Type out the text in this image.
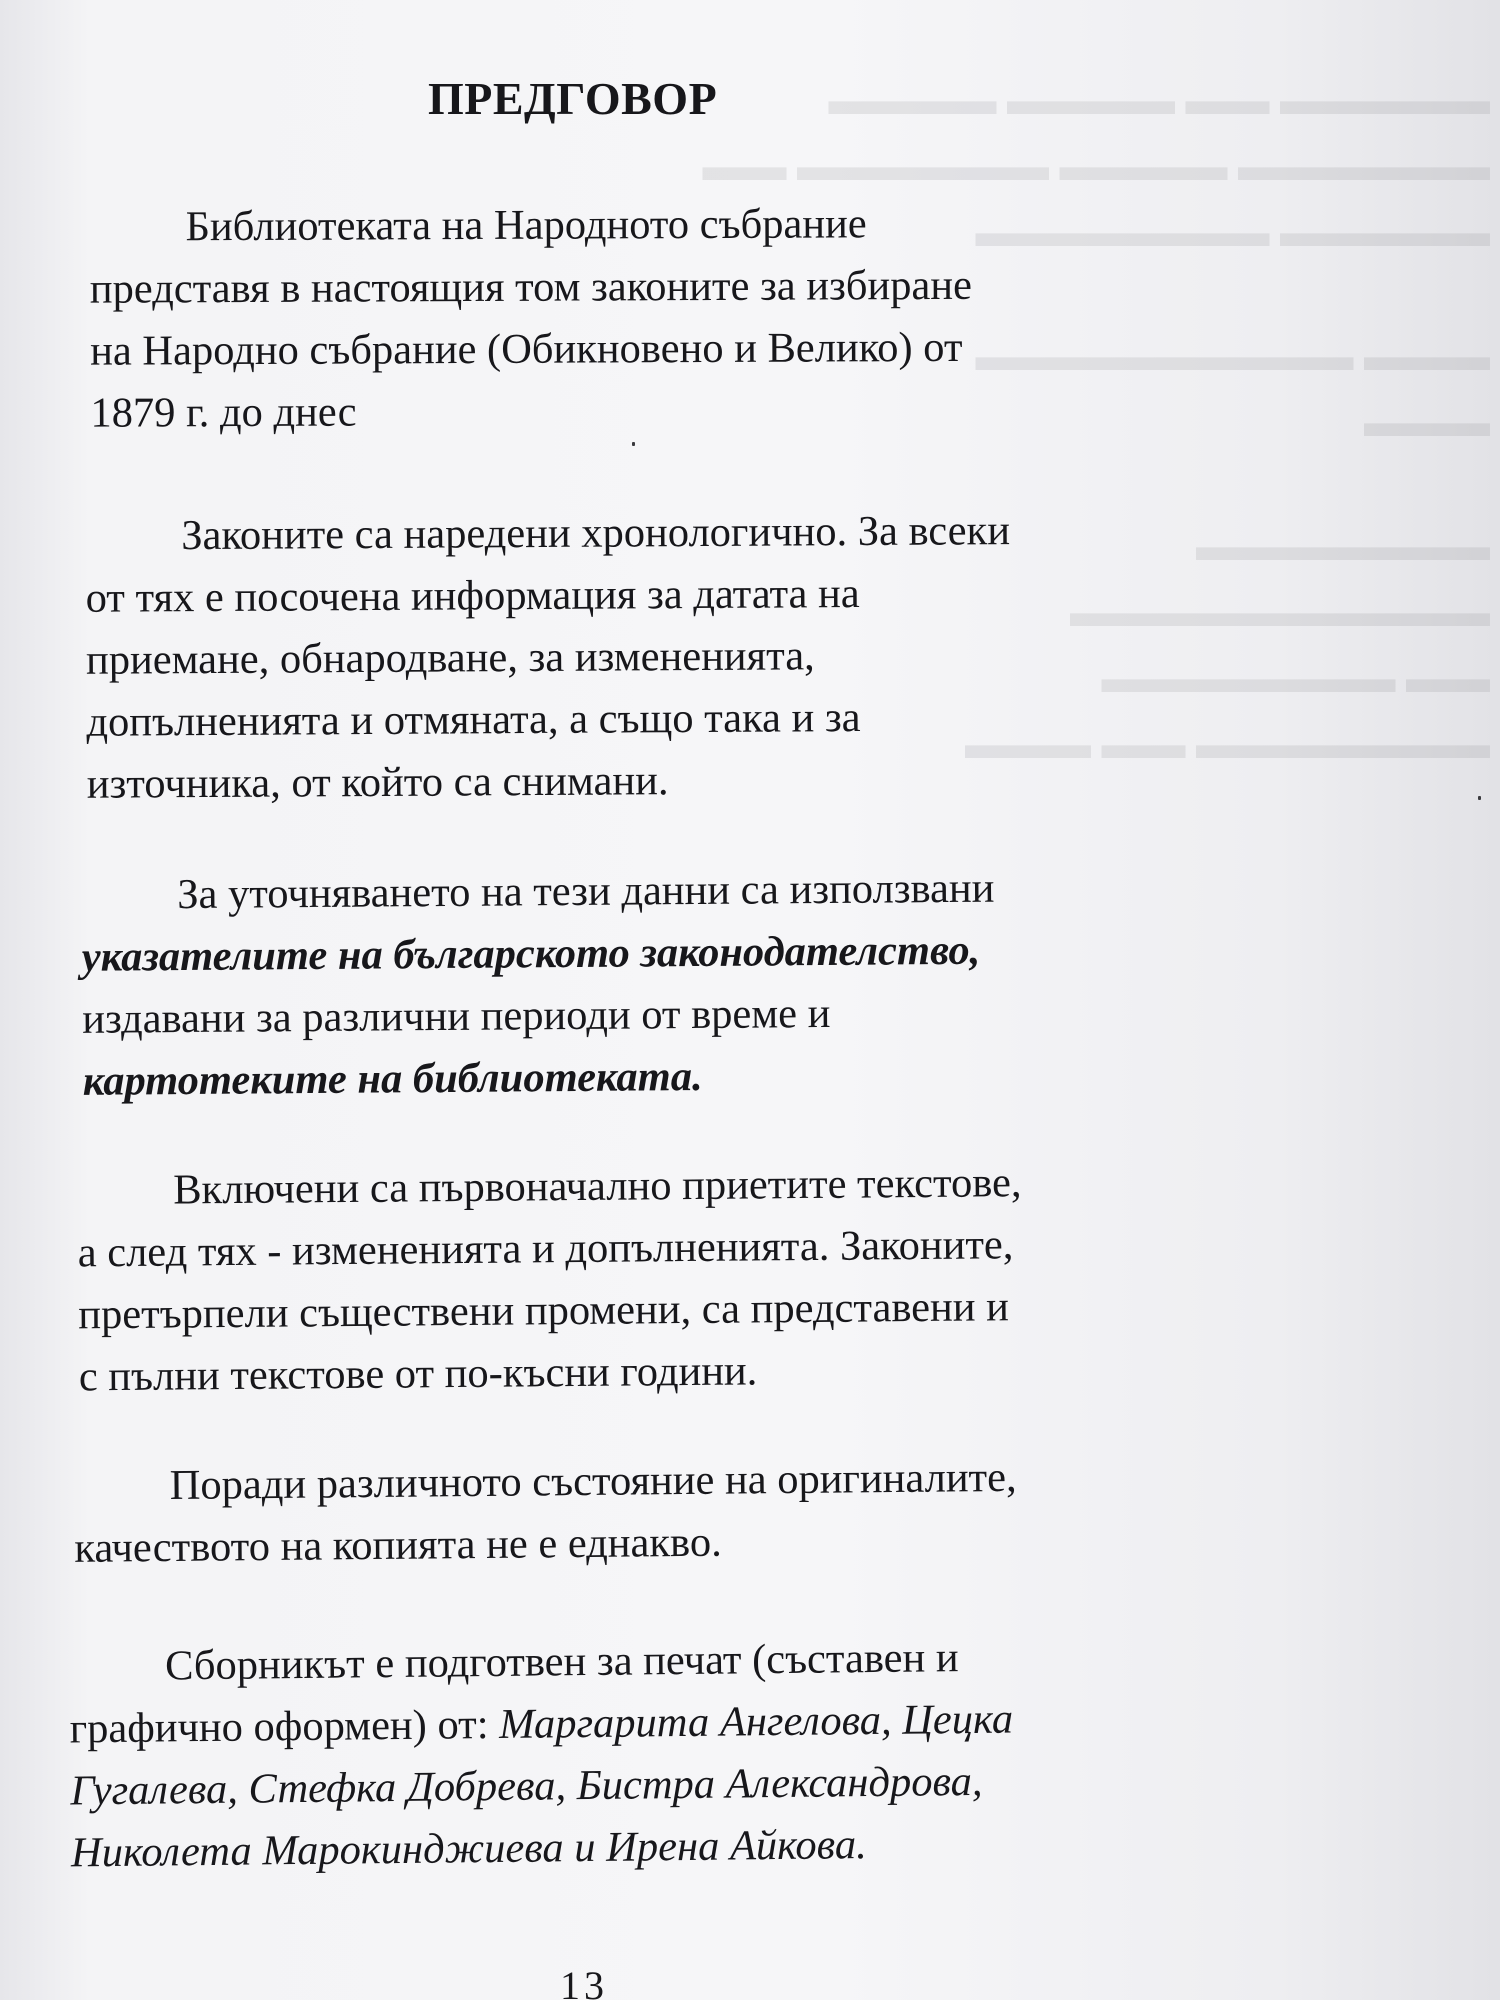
▬▬▬▬▬ ▬▬ ▬▬▬▬ ▬▬▬▬
▬▬▬▬▬▬ ▬▬▬▬ ▬▬▬▬▬▬ ▬▬
▬▬▬▬▬ ▬▬▬▬▬▬▬
▬▬▬ ▬▬▬▬▬▬▬▬▬
▬▬▬
▬▬▬▬▬▬▬
▬▬▬▬▬▬▬▬▬▬
▬▬ ▬▬▬▬▬▬▬
▬▬▬▬▬▬▬ ▬▬ ▬▬▬
ПРЕДГОВОР
Библиотеката на Народното събрание
представя в настоящия том законите за избиране
на Народно събрание (Обикновено и Велико) от
1879 г. до днес
Законите са наредени хронологично. За всеки
от тях е посочена информация за датата на
приемане, обнародване, за измененията,
допълненията и отмяната, а също така и за
източника, от който са снимани.
За уточняването на тези данни са използвани
указателите на българското законодателство,
издавани за различни периоди от време и
картотеките на библиотеката.
Включени са първоначално приетите текстове,
а след тях - измененията и допълненията. Законите,
претърпели съществени промени, са представени и
с пълни текстове от по-късни години.
Поради различното състояние на оригиналите,
качеството на копията не е еднакво.
Сборникът е подготвен за печат (съставен и
графично оформен) от: Маргарита Ангелова, Цецка
Гугалева, Стефка Добрева, Бистра Александрова,
Николета Марокинджиева и Ирена Айкова.

13
